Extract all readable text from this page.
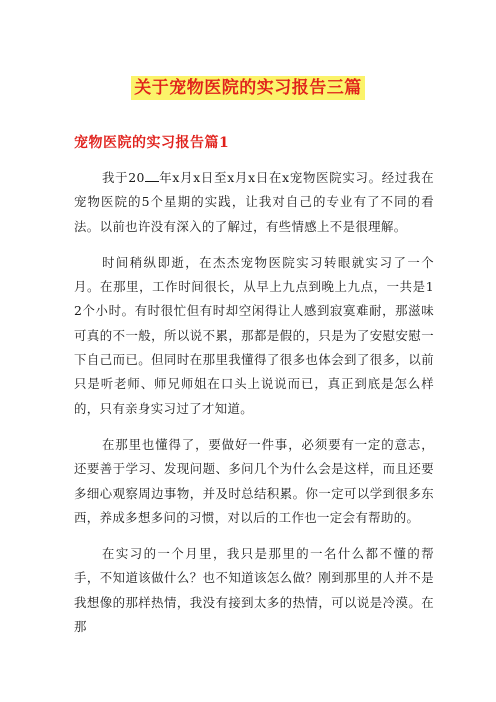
关于宠物医院的实习报告三篇
宠物医院的实习报告篇1

我于20 年x月x日至x月x日在x宠物医院实习。经过我在宠物医院的5个星期的实践，让我对自己的专业有了不同的看法。以前也许没有深入的了解过，有些情感上不是很理解。

时间稍纵即逝，在杰杰宠物医院实习转眼就实习了一个月。在那里，工作时间很长，从早上九点到晚上九点，一共是12个小时。有时很忙但有时却空闲得让人感到寂寞难耐，那滋味可真的不一般，所以说不累，那都是假的，只是为了安慰安慰一下自己而已。但同时在那里我懂得了很多也体会到了很多，以前只是听老师、师兄师姐在口头上说说而已，真正到底是怎么样的，只有亲身实习过了才知道。

在那里也懂得了，要做好一件事，必须要有一定的意志，还要善于学习、发现问题、多问几个为什么会是这样，而且还要多细心观察周边事物，并及时总结积累。你一定可以学到很多东西，养成多想多问的习惯，对以后的工作也一定会有帮助的。

在实习的一个月里，我只是那里的一名什么都不懂的帮手，不知道该做什么？也不知道该怎么做？刚到那里的人并不是我想像的那样热情，我没有接到太多的热情，可以说是冷漠。在那
